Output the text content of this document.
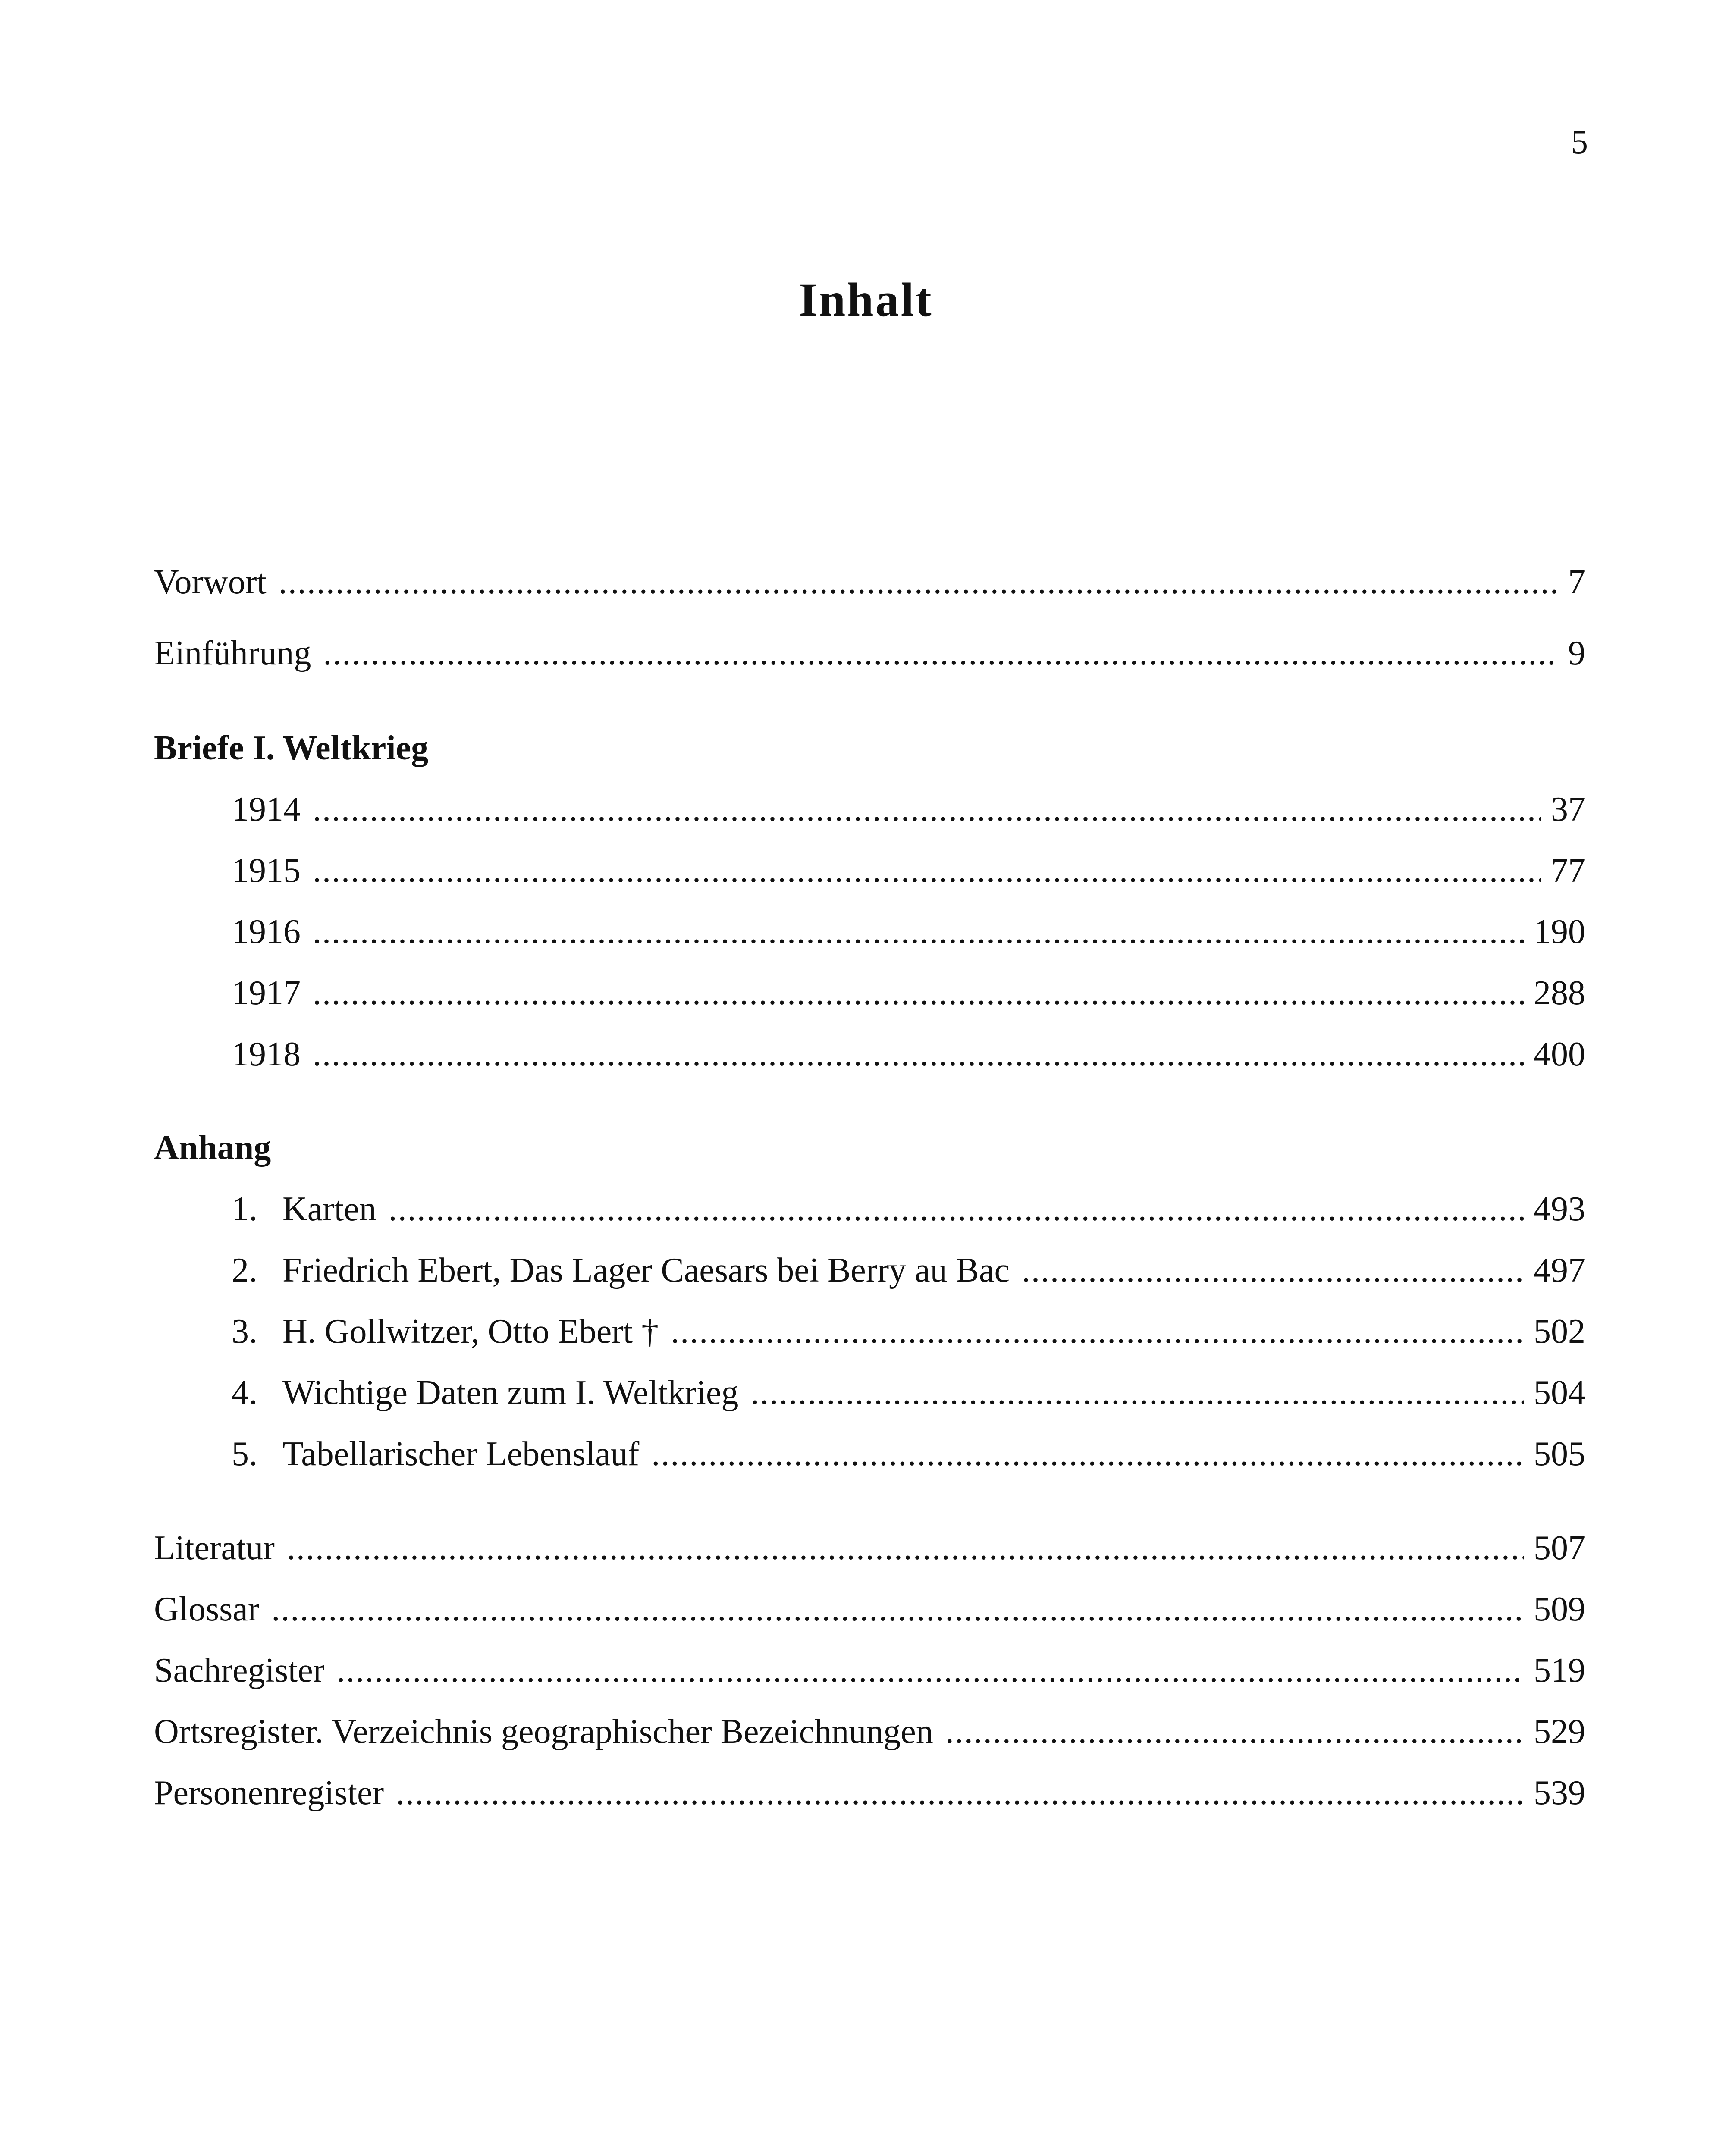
5
Inhalt
Vorwort .....	7
Einführung .....	9
Briefe I. Weltkrieg
1914 .....	37
1915 .....	77
1916 .....	190
1917 .....	288
1918 .....	400
Anhang
1. Karten .....	493
2. Friedrich Ebert, Das Lager Caesars bei Berry au Bac .....	497
3. H. Gollwitzer, Otto Ebert † .....	502
4. Wichtige Daten zum I. Weltkrieg .....	504
5. Tabellarischer Lebenslauf .....	505
Literatur .....	507
Glossar .....	509
Sachregister .....	519
Ortsregister. Verzeichnis geographischer Bezeichnungen .....	529
Personenregister .....	539
